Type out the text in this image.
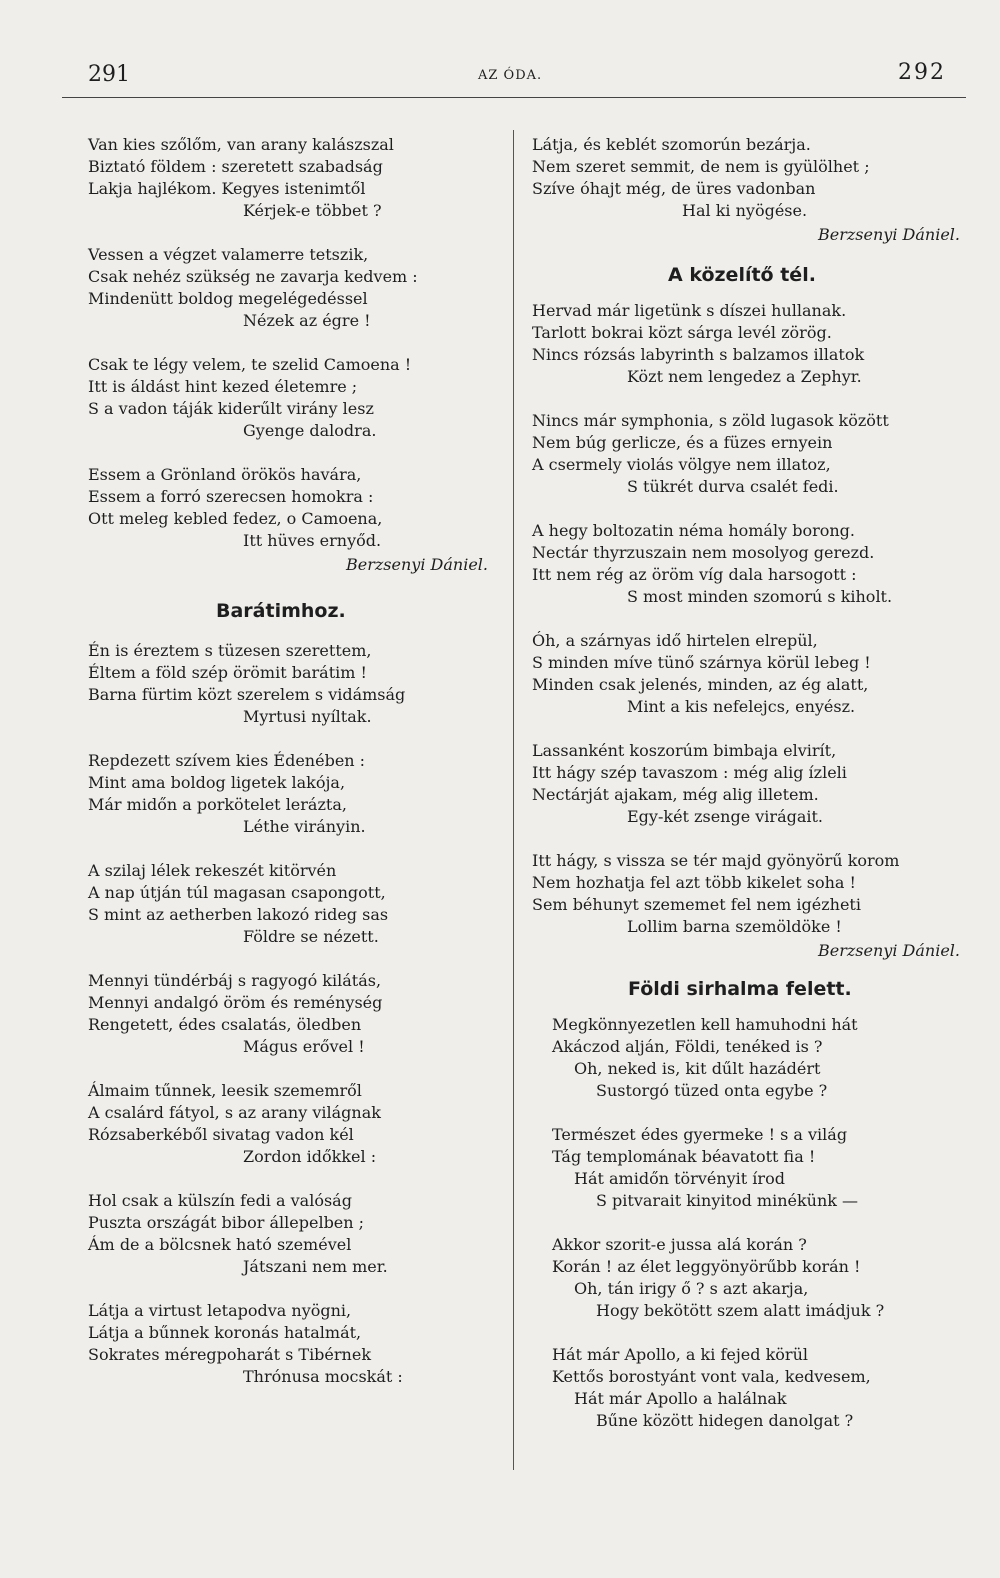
291	AZ ÓDA.	292
Van kies szőlőm, van arany kalászszal
Biztató földem : szeretett szabadság
Lakja hajlékom. Kegyes istenimtől
Kérjek-e többet ?
Vessen a végzet valamerre tetszik,
Csak nehéz szükség ne zavarja kedvem :
Mindenütt boldog megelégedéssel
Nézek az égre !
Csak te légy velem, te szelid Camoena !
Itt is áldást hint kezed életemre ;
S a vadon táják kiderűlt virány lesz
Gyenge dalodra.
Essem a Grönland örökös havára,
Essem a forró szerecsen homokra :
Ott meleg kebled fedez, o Camoena,
Itt hüves ernyőd.
Berzsenyi Dániel.
Barátimhoz.
Én is éreztem s tüzesen szerettem,
Éltem a föld szép örömit barátim !
Barna fürtim közt szerelem s vidámság
Myrtusi nyíltak.
Repdezett szívem kies Édenében :
Mint ama boldog ligetek lakója,
Már midőn a porkötelet lerázta,
Léthe virányin.
A szilaj lélek rekeszét kitörvén
A nap útján túl magasan csapongott,
S mint az aetherben lakozó rideg sas
Földre se nézett.
Mennyi tündérbáj s ragyogó kilátás,
Mennyi andalgó öröm és reménység
Rengetett, édes csalatás, öledben
Mágus erővel !
Álmaim tűnnek, leesik szememről
A csalárd fátyol, s az arany világnak
Rózsaberkéből sivatag vadon kél
Zordon időkkel :
Hol csak a külszín fedi a valóság
Puszta országát bibor állepelben ;
Ám de a bölcsnek ható szemével
Játszani nem mer.
Látja a virtust letapodva nyögni,
Látja a bűnnek koronás hatalmát,
Sokrates méregpoharát s Tibérnek
Thrónusa mocskát :
Látja, és keblét szomorún bezárja.
Nem szeret semmit, de nem is gyülölhet ;
Szíve óhajt még, de üres vadonban
Hal ki nyögése.
Berzsenyi Dániel.
A közelítő tél.
Hervad már ligetünk s díszei hullanak.
Tarlott bokrai közt sárga levél zörög.
Nincs rózsás labyrinth s balzamos illatok
Közt nem lengedez a Zephyr.
Nincs már symphonia, s zöld lugasok között
Nem búg gerlicze, és a füzes ernyein
A csermely violás völgye nem illatoz,
S tükrét durva csalét fedi.
A hegy boltozatin néma homály borong.
Nectár thyrzuszain nem mosolyog gerezd.
Itt nem rég az öröm víg dala harsogott :
S most minden szomorú s kiholt.
Óh, a szárnyas idő hirtelen elrepül,
S minden míve tünő szárnya körül lebeg !
Minden csak jelenés, minden, az ég alatt,
Mint a kis nefelejcs, enyész.
Lassanként koszorúm bimbaja elvirít,
Itt hágy szép tavaszom : még alig ízleli
Nectárját ajakam, még alig illetem.
Egy-két zsenge virágait.
Itt hágy, s vissza se tér majd gyönyörű korom
Nem hozhatja fel azt több kikelet soha !
Sem béhunyt szememet fel nem igézheti
Lollim barna szemöldöke !
Berzsenyi Dániel.
Földi sirhalma felett.
Megkönnyezetlen kell hamuhodni hát
Akáczod alján, Földi, tenéked is ?
Oh, neked is, kit dűlt hazádért
Sustorgó tüzed onta egybe ?
Természet édes gyermeke ! s a világ
Tág templomának béavatott fia !
Hát amidőn törvényit írod
S pitvarait kinyitod minékünk —
Akkor szorit-e jussa alá korán ?
Korán ! az élet leggyönyörűbb korán !
Oh, tán irigy ő ? s azt akarja,
Hogy bekötött szem alatt imádjuk ?
Hát már Apollo, a ki fejed körül
Kettős borostyánt vont vala, kedvesem,
Hát már Apollo a halálnak
Bűne között hidegen danolgat ?
